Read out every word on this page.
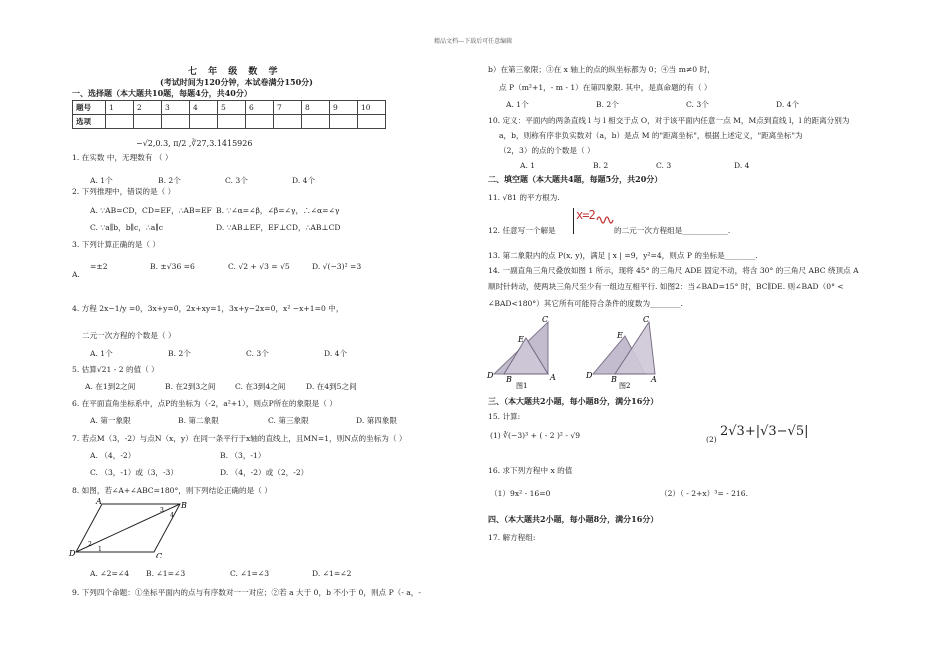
精品文档---下载后可任意编辑
七 年 级 数 学
(考试时间为120分钟，本试卷满分150分)
一、选择题（本大题共10题，每题4分，共40分）
题号	1	2	3	4	5	6	7	8	9	10
选项										
−√2,0.3, π/2 ,∛27,3.1415926
1. 在实数 中，无理数有 （ ）
A. 1个	B. 2个	C. 3个	D. 4个
2. 下列推理中，错误的是（ ）
A. ∵AB=CD，CD=EF，∴AB=EF B. ∵∠α=∠β，∠β=∠γ，∴∠α=∠γ
C. ∵a∥b，b∥c，∴a∥c	D. ∵AB⊥EF，EF⊥CD，∴AB⊥CD
3. 下列计算正确的是（ ）
A.
=±2	B. ±√36 =6	C. √2 + √3 = √5	D. √(−3)² =3
4. 方程 2x−1/y =0，3x+y=0，2x+xy=1，3x+y−2x=0，x² −x+1=0 中，
二元一次方程的个数是（ ）
A. 1个	B. 2个	C. 3个	D. 4个
5. 估算√21 - 2 的值（ ）
A. 在1到2之间	B. 在2到3之间	C. 在3到4之间	D. 在4到5之间
6. 在平面直角坐标系中，点P的坐标为（-2，a²+1），则点P所在的象限是（ ）
A. 第一象限	B. 第二象限	C. 第三象限	D. 第四象限
7. 若点M（3，-2）与点N（x，y）在同一条平行于x轴的直线上，且MN=1，则N点的坐标为（ ）
A. （4，-2）	B. （3，-1）
C. （3，-1）或（3，-3）	D. （4，-2）或（2，-2）
8. 如图，若∠A+∠ABC=180°，则下列结论正确的是（ ）
A	B
C
D	1
2
3
4
A. ∠2=∠4 B. ∠1=∠3	C. ∠1=∠3	D. ∠1=∠2
9. 下列四个命题：①坐标平面内的点与有序数对一一对应；②若 a 大于 0，b 不小于 0，则点 P（- a，-
b）在第三象限；③在 x 轴上的点的纵坐标都为 0；④当 m≠0 时，
点 P（m²+1，- m - 1）在第四象限. 其中，是真命题的有（ ）
A. 1个	B. 2个	C. 3个	D. 4个
10. 定义：平面内的两条直线 l 与 l 相交于点 O，对于该平面内任意一点 M，M点到直线 l，l 的距离分别为
a，b，则称有序非负实数对（a，b）是点 M 的"距离坐标"，根据上述定义，"距离坐标"为
（2，3）的点的个数是（ ）
A. 1	B. 2	C. 3	D. 4
二、填空题（本大题共4题，每题5分，共20分）
11. √81 的平方根为.
12. 任意写一个解是
x=2
的二元一次方程组是____________.
13. 第二象限内的点 P(x, y)，满足 | x | =9，y²=4，则点 P 的坐标是________.
14. 一副直角三角尺叠放如图 1 所示，现将 45° 的三角尺 ADE 固定不动，将含 30° 的三角尺 ABC 绕顶点 A
顺时针转动，使两块三角尺至少有一组边互相平行. 如图2：当∠BAD=15° 时，BC∥DE. 则∠BAD（0° <
∠BAD<180°）其它所有可能符合条件的度数为________.
E
C
D B	A
图1
E
C
D B	A
图2
三、（本大题共2小题，每小题8分，满分16分）
15. 计算:
(1) ∛(−3)³ + ( - 2 )² - √9	(2)
2√3+|√3−√5|
16. 求下列方程中 x 的值
（1）9x² - 16=0	（2）（ - 2+x）³= - 216.
四、（本大题共2小题，每小题8分，满分16分）
17. 解方程组:
